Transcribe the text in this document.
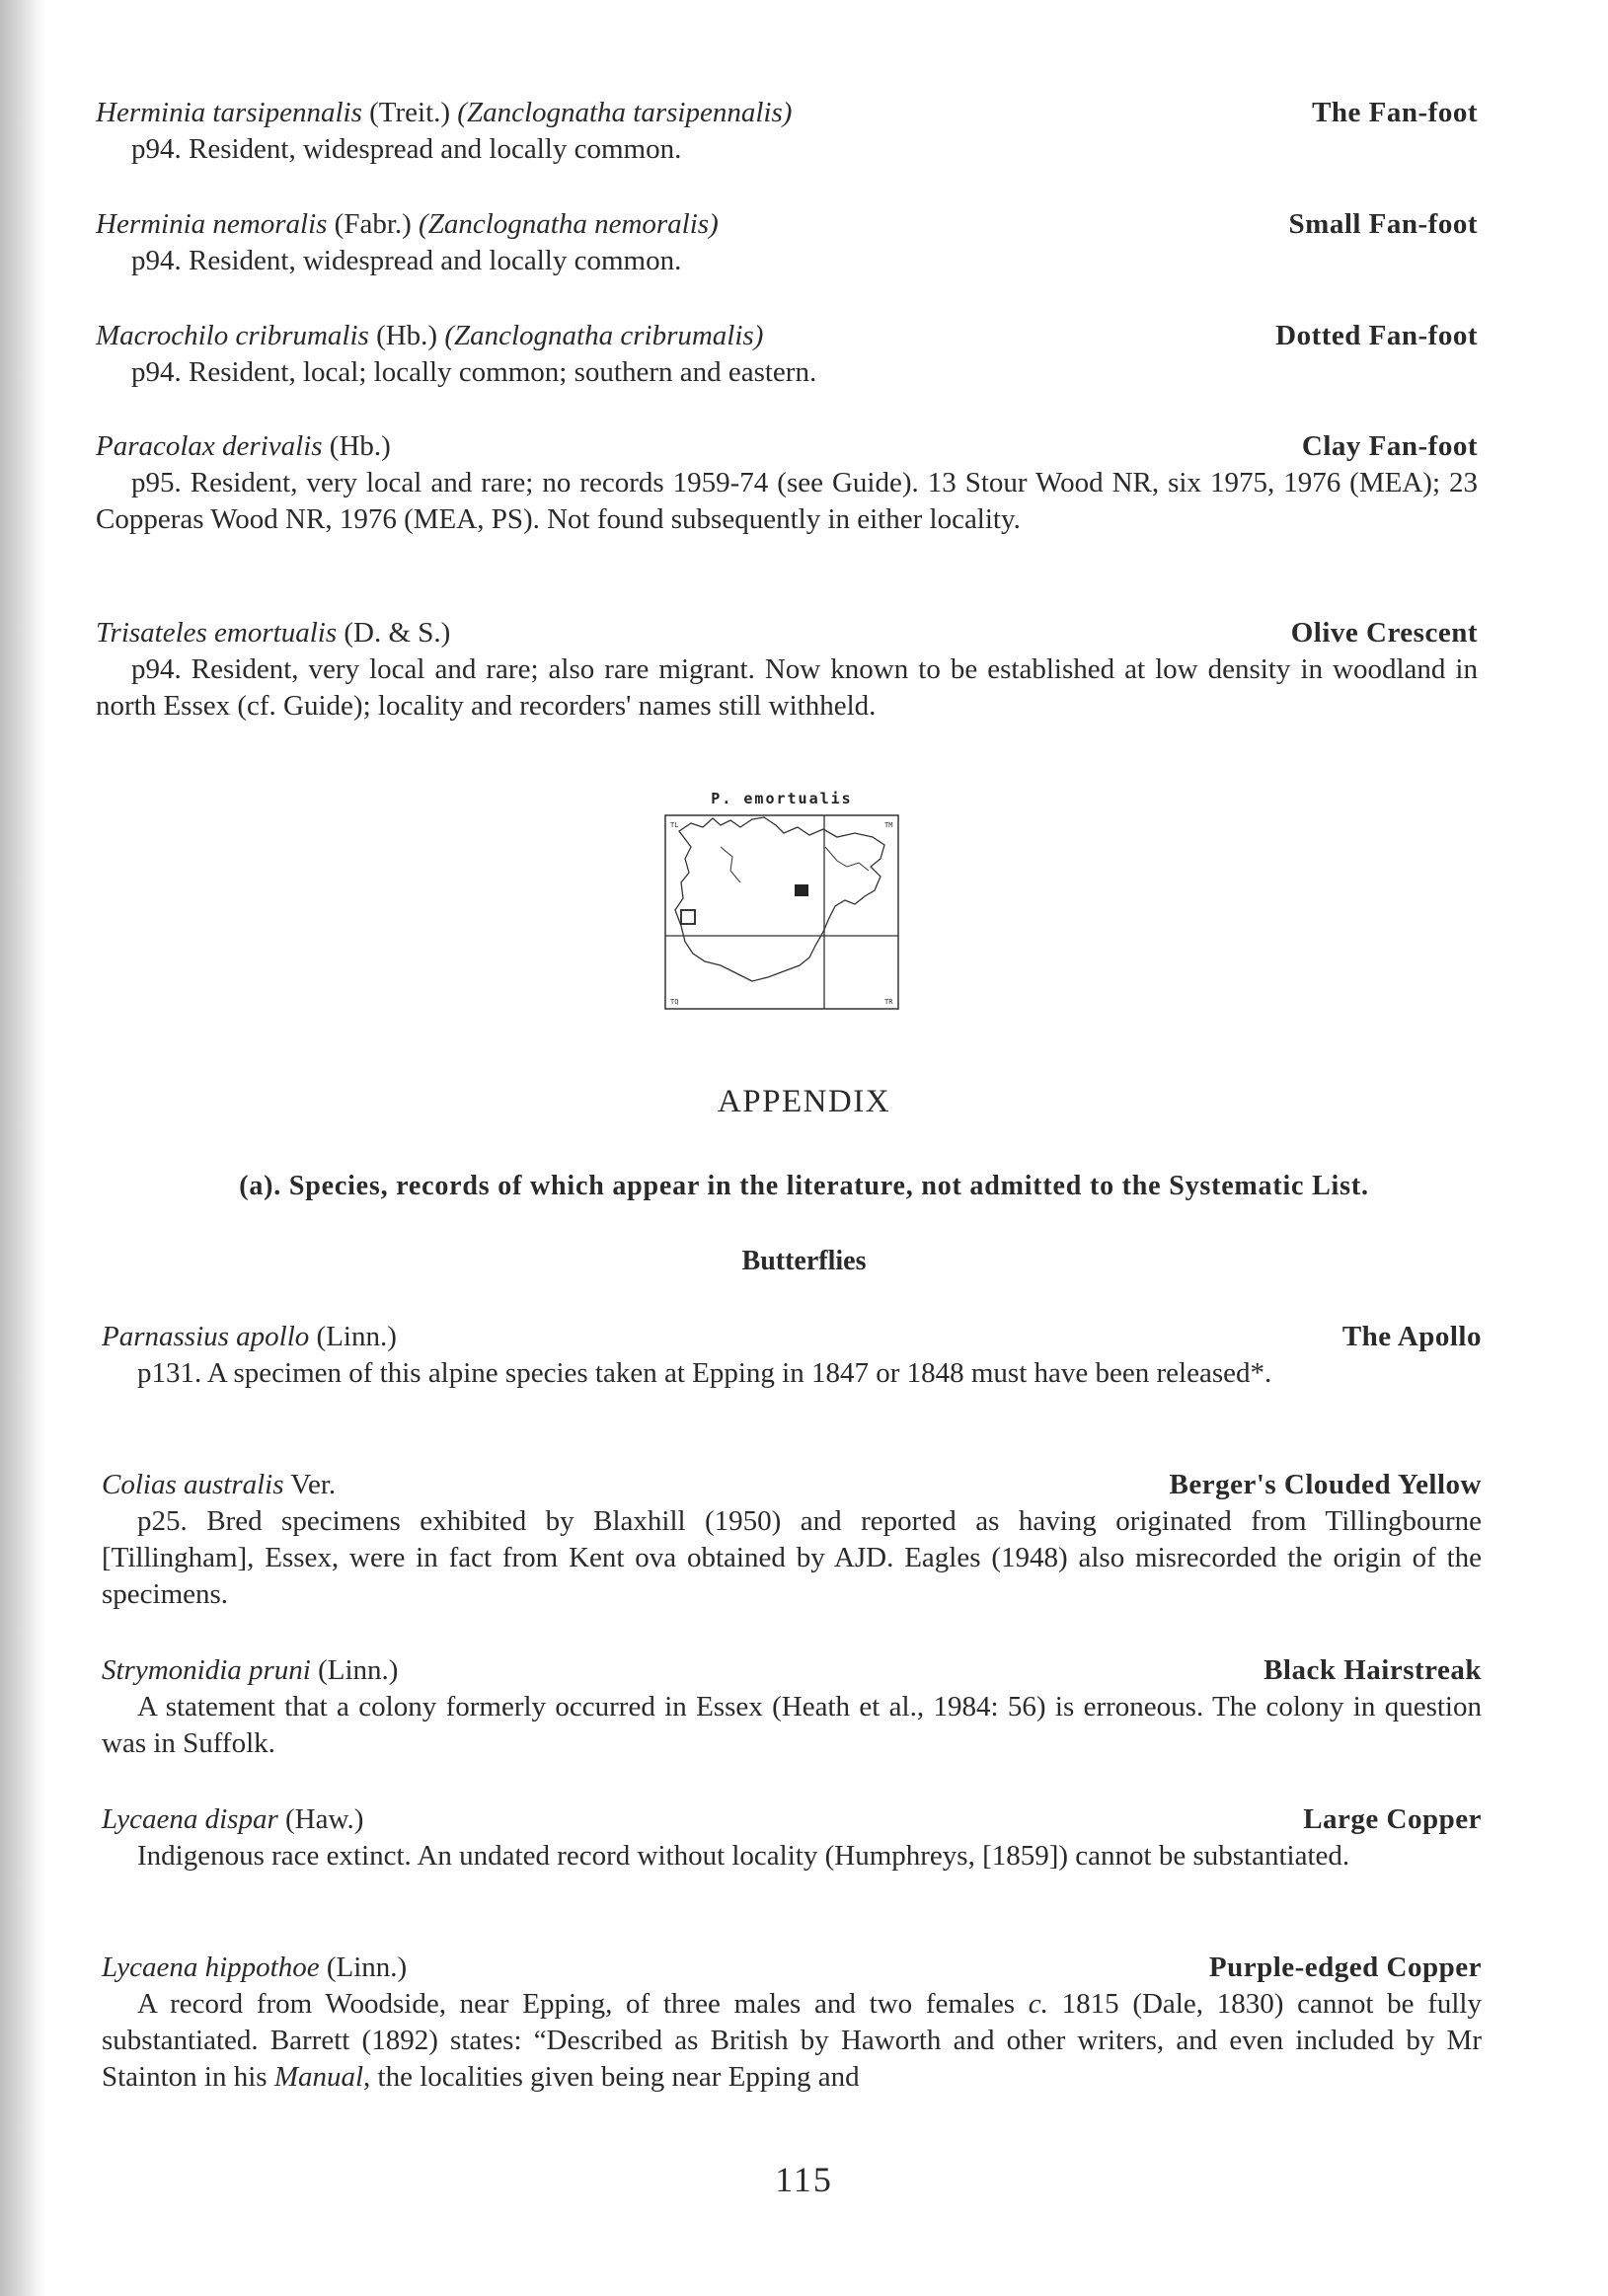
Herminia tarsipennalis (Treit.) (Zanclognatha tarsipennalis)	The Fan-foot
p94. Resident, widespread and locally common.
Herminia nemoralis (Fabr.) (Zanclognatha nemoralis)	Small Fan-foot
p94. Resident, widespread and locally common.
Macrochilo cribrumalis (Hb.) (Zanclognatha cribrumalis)	Dotted Fan-foot
p94. Resident, local; locally common; southern and eastern.
Paracolax derivalis (Hb.)	Clay Fan-foot
p95. Resident, very local and rare; no records 1959-74 (see Guide). 13 Stour Wood NR, six 1975, 1976 (MEA); 23 Copperas Wood NR, 1976 (MEA, PS). Not found subsequently in either locality.
Trisateles emortualis (D. & S.)	Olive Crescent
p94. Resident, very local and rare; also rare migrant. Now known to be established at low density in woodland in north Essex (cf. Guide); locality and recorders' names still withheld.
P. emortualis
TL	TM
TQ	TR
APPENDIX
(a). Species, records of which appear in the literature, not admitted to the Systematic List.
Butterflies
Parnassius apollo (Linn.)	The Apollo
p131. A specimen of this alpine species taken at Epping in 1847 or 1848 must have been released*.
Colias australis Ver.	Berger's Clouded Yellow
p25. Bred specimens exhibited by Blaxhill (1950) and reported as having originated from Tillingbourne [Tillingham], Essex, were in fact from Kent ova obtained by AJD. Eagles (1948) also misrecorded the origin of the specimens.
Strymonidia pruni (Linn.)	Black Hairstreak
A statement that a colony formerly occurred in Essex (Heath et al., 1984: 56) is erroneous. The colony in question was in Suffolk.
Lycaena dispar (Haw.)	Large Copper
Indigenous race extinct. An undated record without locality (Humphreys, [1859]) cannot be substantiated.
Lycaena hippothoe (Linn.)	Purple-edged Copper
A record from Woodside, near Epping, of three males and two females c. 1815 (Dale, 1830) cannot be fully substantiated. Barrett (1892) states: “Described as British by Haworth and other writers, and even included by Mr Stainton in his Manual, the localities given being near Epping and
115
